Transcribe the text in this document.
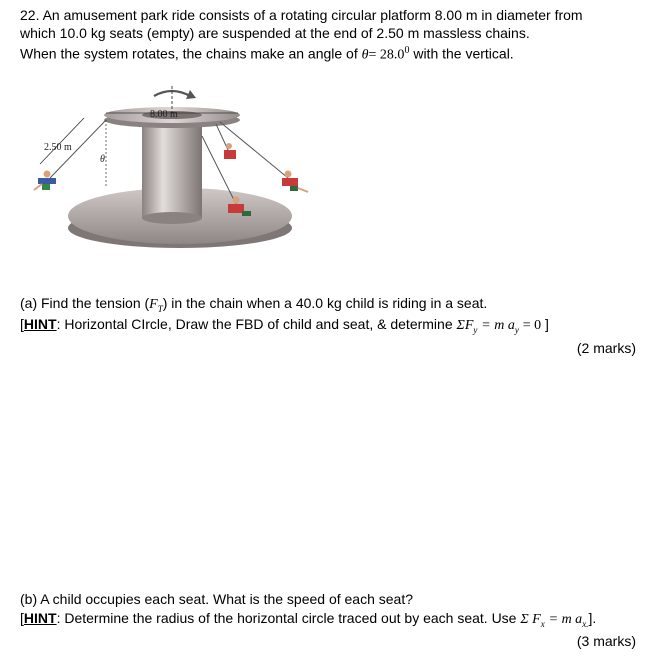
22. An amusement park ride consists of a rotating circular platform 8.00 m in diameter from
which 10.0 kg seats (empty) are suspended at the end of 2.50 m massless chains.
When the system rotates, the chains make an angle of $\theta= 28.0^0$ with the vertical.
8.00 m
2.50 m
θ
(a) Find the tension $(F_T)$ in the chain when a 40.0 kg child is riding in a seat.
[HINT: Horizontal CIrcle, Draw the FBD of child and seat, & determine $\Sigma F_y = m$ $a_y = 0$ ]
(2 marks)
(b) A child occupies each seat. What is the speed of each seat?
[HINT: Determine the radius of the horizontal circle traced out by each seat. Use Σ $F_x = m$ $a_{x.}$].
(3 marks)
